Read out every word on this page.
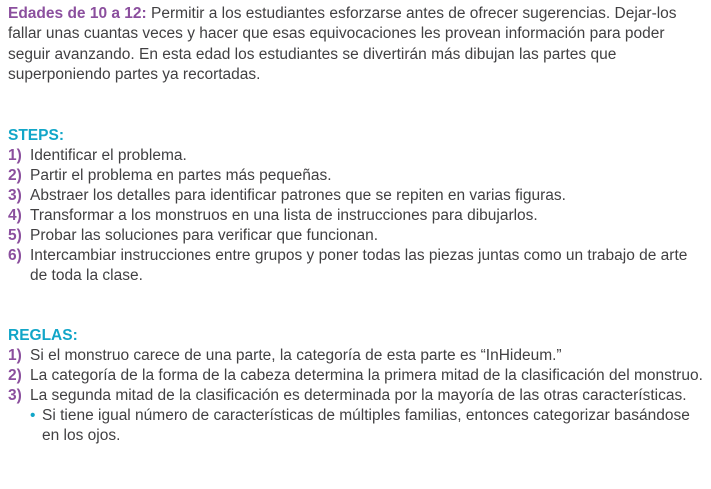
Edades de 10 a 12: Permitir a los estudiantes esforzarse antes de ofrecer sugerencias. Dejar-los fallar unas cuantas veces y hacer que esas equivocaciones les provean información para poder seguir avanzando. En esta edad los estudiantes se divertirán más dibujan las partes que superponiendo partes ya recortadas.

STEPS:
1) Identificar el problema.
2) Partir el problema en partes más pequeñas.
3) Abstraer los detalles para identificar patrones que se repiten en varias figuras.
4) Transformar a los monstruos en una lista de instrucciones para dibujarlos.
5) Probar las soluciones para verificar que funcionan.
6) Intercambiar instrucciones entre grupos y poner todas las piezas juntas como un trabajo de arte de toda la clase.
REGLAS:
1) Si el monstruo carece de una parte, la categoría de esta parte es “InHideum.”
2) La categoría de la forma de la cabeza determina la primera mitad de la clasificación del monstruo.
3) La segunda mitad de la clasificación es determinada por la mayoría de las otras características.
• Si tiene igual número de características de múltiples familias, entonces categorizar basándose en los ojos.
